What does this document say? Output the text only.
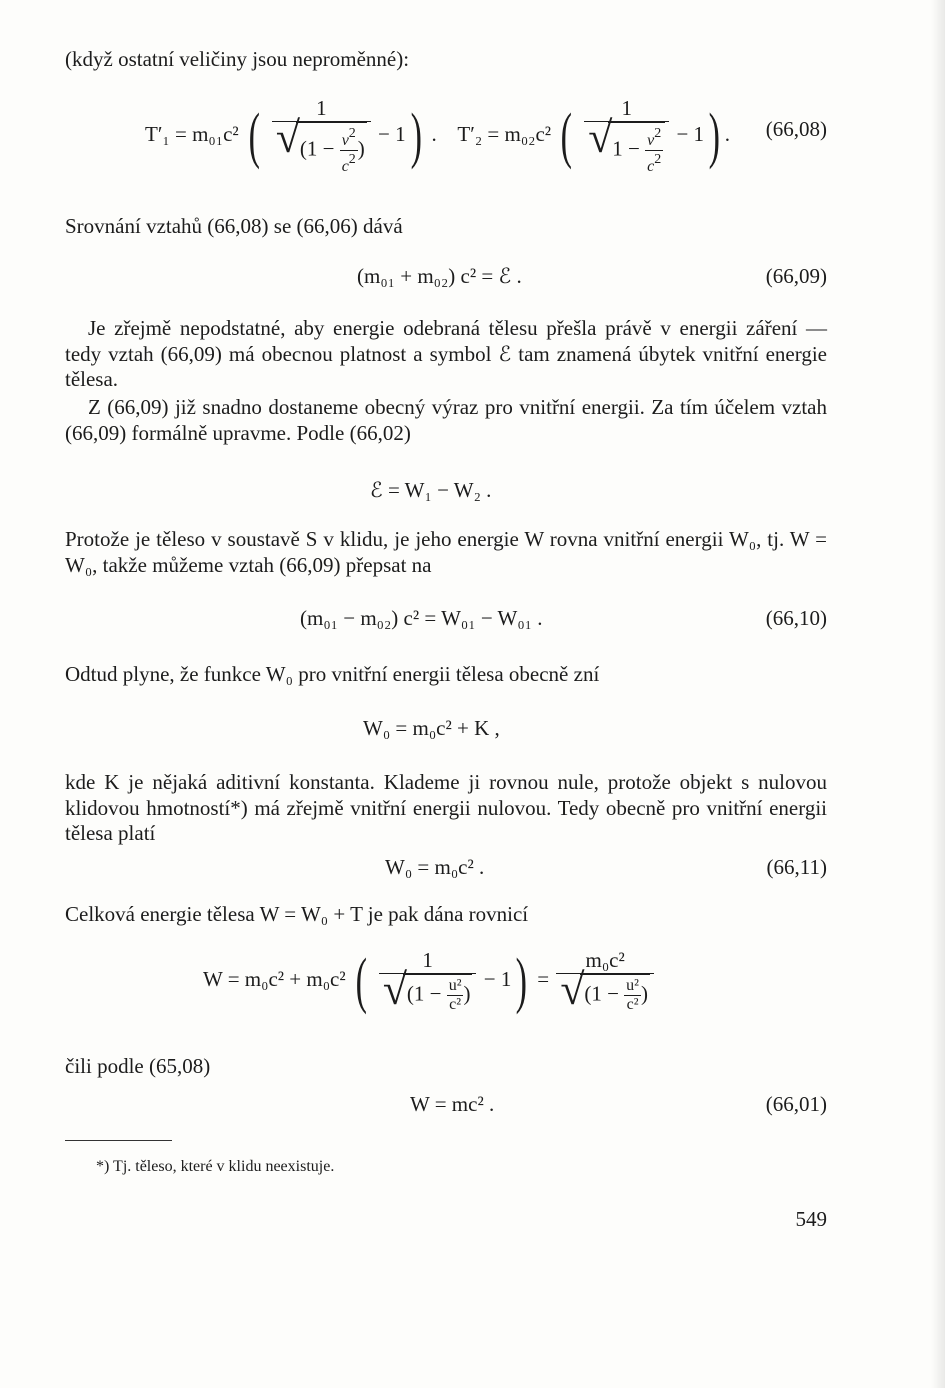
(když ostatní veličiny jsou neproměnné):
T′₁ = m₀₁c² ( 1
√ ($1 - \frac{v^2}{c^2}$ ) − 1) . T′₂ = m₀₂c² ( 1
√ $1 - \frac{v^2}{c^2} - 1$) . (66,08)
Srovnání vztahů (66,08) se (66,06) dává
(m₀₁ + m₀₂) c² = ℰ .	(66,09)
Je zřejmě nepodstatné, aby energie odebraná tělesu přešla právě v energii záření — tedy vztah (66,09) má obecnou platnost a symbol ℰ tam znamená úbytek vnitřní energie tělesa.
Z (66,09) již snadno dostaneme obecný výraz pro vnitřní energii. Za tím účelem vztah (66,09) formálně upravme. Podle (66,02)
ℰ = W₁ − W₂ .
Protože je těleso v soustavě S v klidu, je jeho energie W rovna vnitřní energii W₀, tj. W = W₀, takže můžeme vztah (66,09) přepsat na
(m₀₁ − m₀₂) c² = W₀₁ − W₀₁ .	(66,10)
Odtud plyne, že funkce W₀ pro vnitřní energii tělesa obecně zní
W₀ = m₀c² + K ,
kde K je nějaká aditivní konstanta. Klademe ji rovnou nule, protože objekt s nulovou klidovou hmotností*) má zřejmě vnitřní energii nulovou. Tedy obecně pro vnitřní energii tělesa platí
W₀ = m₀c² .	(66,11)
Celková energie tělesa W = W₀ + T je pak dána rovnicí
W = m₀c² + m₀c² ( 1
√ ($1 - \frac{\text{u²}}{\text{c²}}$ ) − 1) = m₀c²
√ ($1 - \frac{\text{u²}}{\text{c²}}$ )
čili podle (65,08)
W = mc² .	(66,01)
*) Tj. těleso, které v klidu neexistuje.
549
